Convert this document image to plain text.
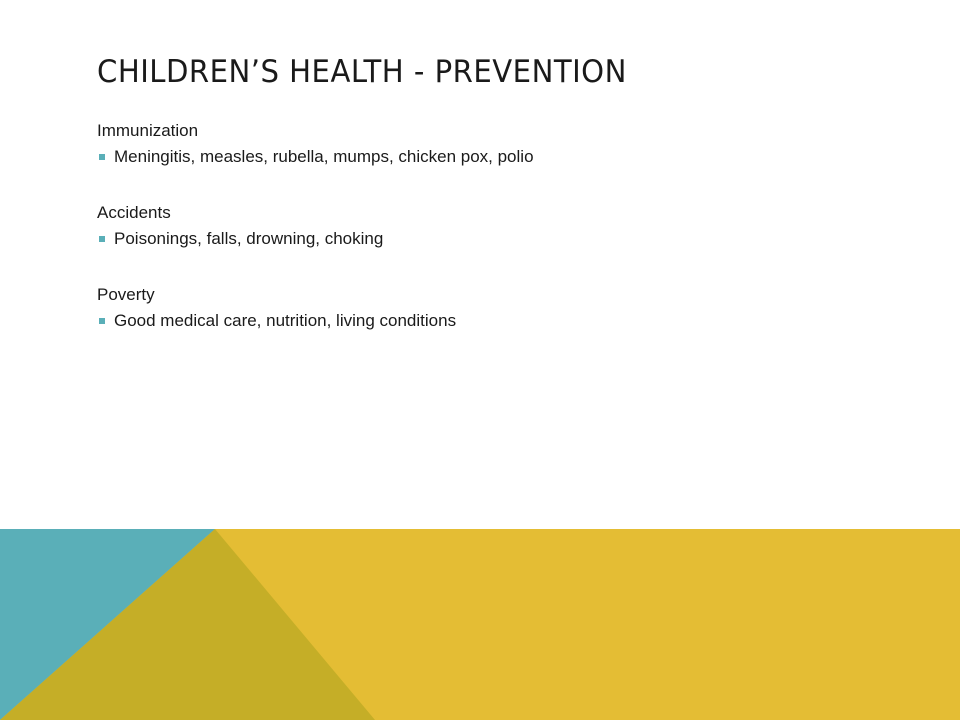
CHILDREN’S HEALTH - PREVENTION
Immunization
Meningitis, measles, rubella, mumps, chicken pox, polio
Accidents
Poisonings, falls, drowning, choking
Poverty
Good medical care, nutrition, living conditions
